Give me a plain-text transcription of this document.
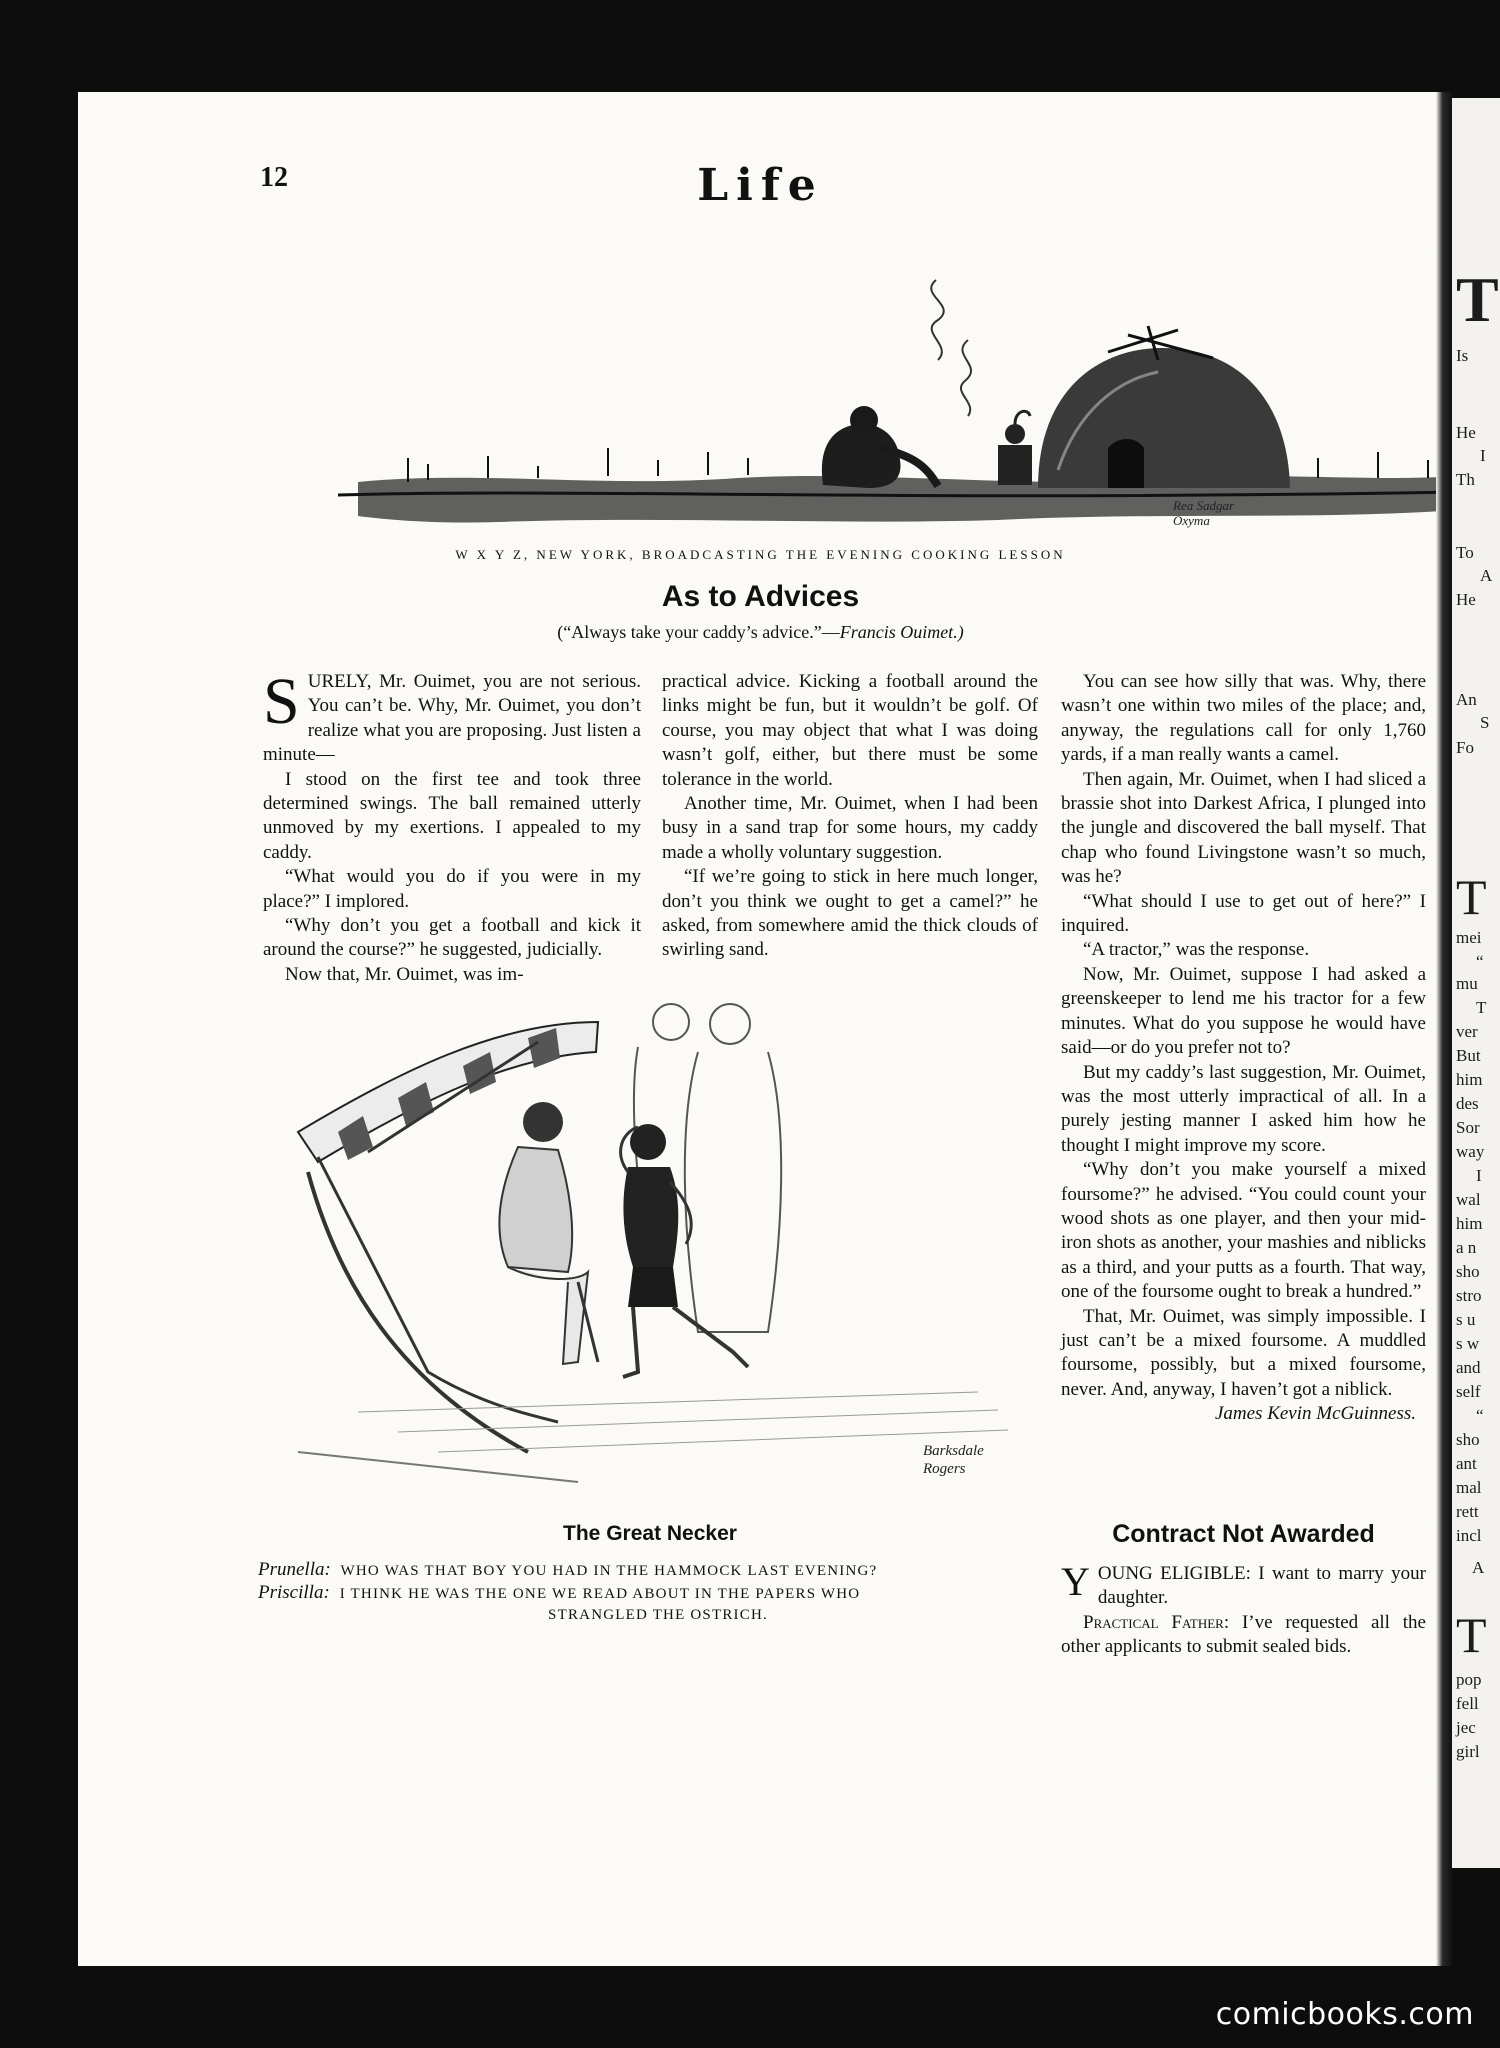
12	Life
Rea Sadgar Oxyma
W X Y Z, NEW YORK, BROADCASTING THE EVENING COOKING LESSON
As to Advices
(“Always take your caddy’s advice.”—Francis Ouimet.)

SURELY, Mr. Ouimet, you are not serious. You can’t be. Why, Mr. Ouimet, you don’t realize what you are proposing. Just listen a minute—

I stood on the first tee and took three determined swings. The ball remained utterly unmoved by my exertions. I appealed to my caddy.

“What would you do if you were in my place?” I implored.

“Why don’t you get a football and kick it around the course?” he suggested, judicially.

Now that, Mr. Ouimet, was im-

practical advice. Kicking a football around the links might be fun, but it wouldn’t be golf. Of course, you may object that what I was doing wasn’t golf, either, but there must be some tolerance in the world.

Another time, Mr. Ouimet, when I had been busy in a sand trap for some hours, my caddy made a wholly voluntary suggestion.

“If we’re going to stick in here much longer, don’t you think we ought to get a camel?” he asked, from somewhere amid the thick clouds of swirling sand.

You can see how silly that was. Why, there wasn’t one within two miles of the place; and, anyway, the regulations call for only 1,760 yards, if a man really wants a camel.

Then again, Mr. Ouimet, when I had sliced a brassie shot into Darkest Africa, I plunged into the jungle and discovered the ball myself. That chap who found Livingstone wasn’t so much, was he?

“What should I use to get out of here?” I inquired.

“A tractor,” was the response.

Now, Mr. Ouimet, suppose I had asked a greenskeeper to lend me his tractor for a few minutes. What do you suppose he would have said—or do you prefer not to?

But my caddy’s last suggestion, Mr. Ouimet, was the most utterly impractical of all. In a purely jesting manner I asked him how he thought I might improve my score.

“Why don’t you make yourself a mixed foursome?” he advised. “You could count your wood shots as one player, and then your mid-iron shots as another, your mashies and niblicks as a third, and your putts as a fourth. That way, one of the foursome ought to break a hundred.”

That, Mr. Ouimet, was simply impossible. I just can’t be a mixed foursome. A muddled foursome, possibly, but a mixed foursome, never. And, anyway, I haven’t got a niblick.

James Kevin McGuinness.
Barksdale Rogers
The Great Necker
Prunella: WHO WAS THAT BOY YOU HAD IN THE HAMMOCK LAST EVENING?
Priscilla: I THINK HE WAS THE ONE WE READ ABOUT IN THE PAPERS WHO
STRANGLED THE OSTRICH.
Contract Not Awarded

YOUNG ELIGIBLE: I want to marry your daughter.

Practical Father: I’ve requested all the other applicants to submit sealed bids.

T
Is
He
I
Th
To
A
He
An
S
Fo
T
mei
“
mu
T
ver
But
him
des
Sor
way
I
wal
him
a n
sho
stro
s u
s w
and
self
“
sho
ant
mal
rett
incl
A
T
pop
fell
jec
girl
comicbooks.com
